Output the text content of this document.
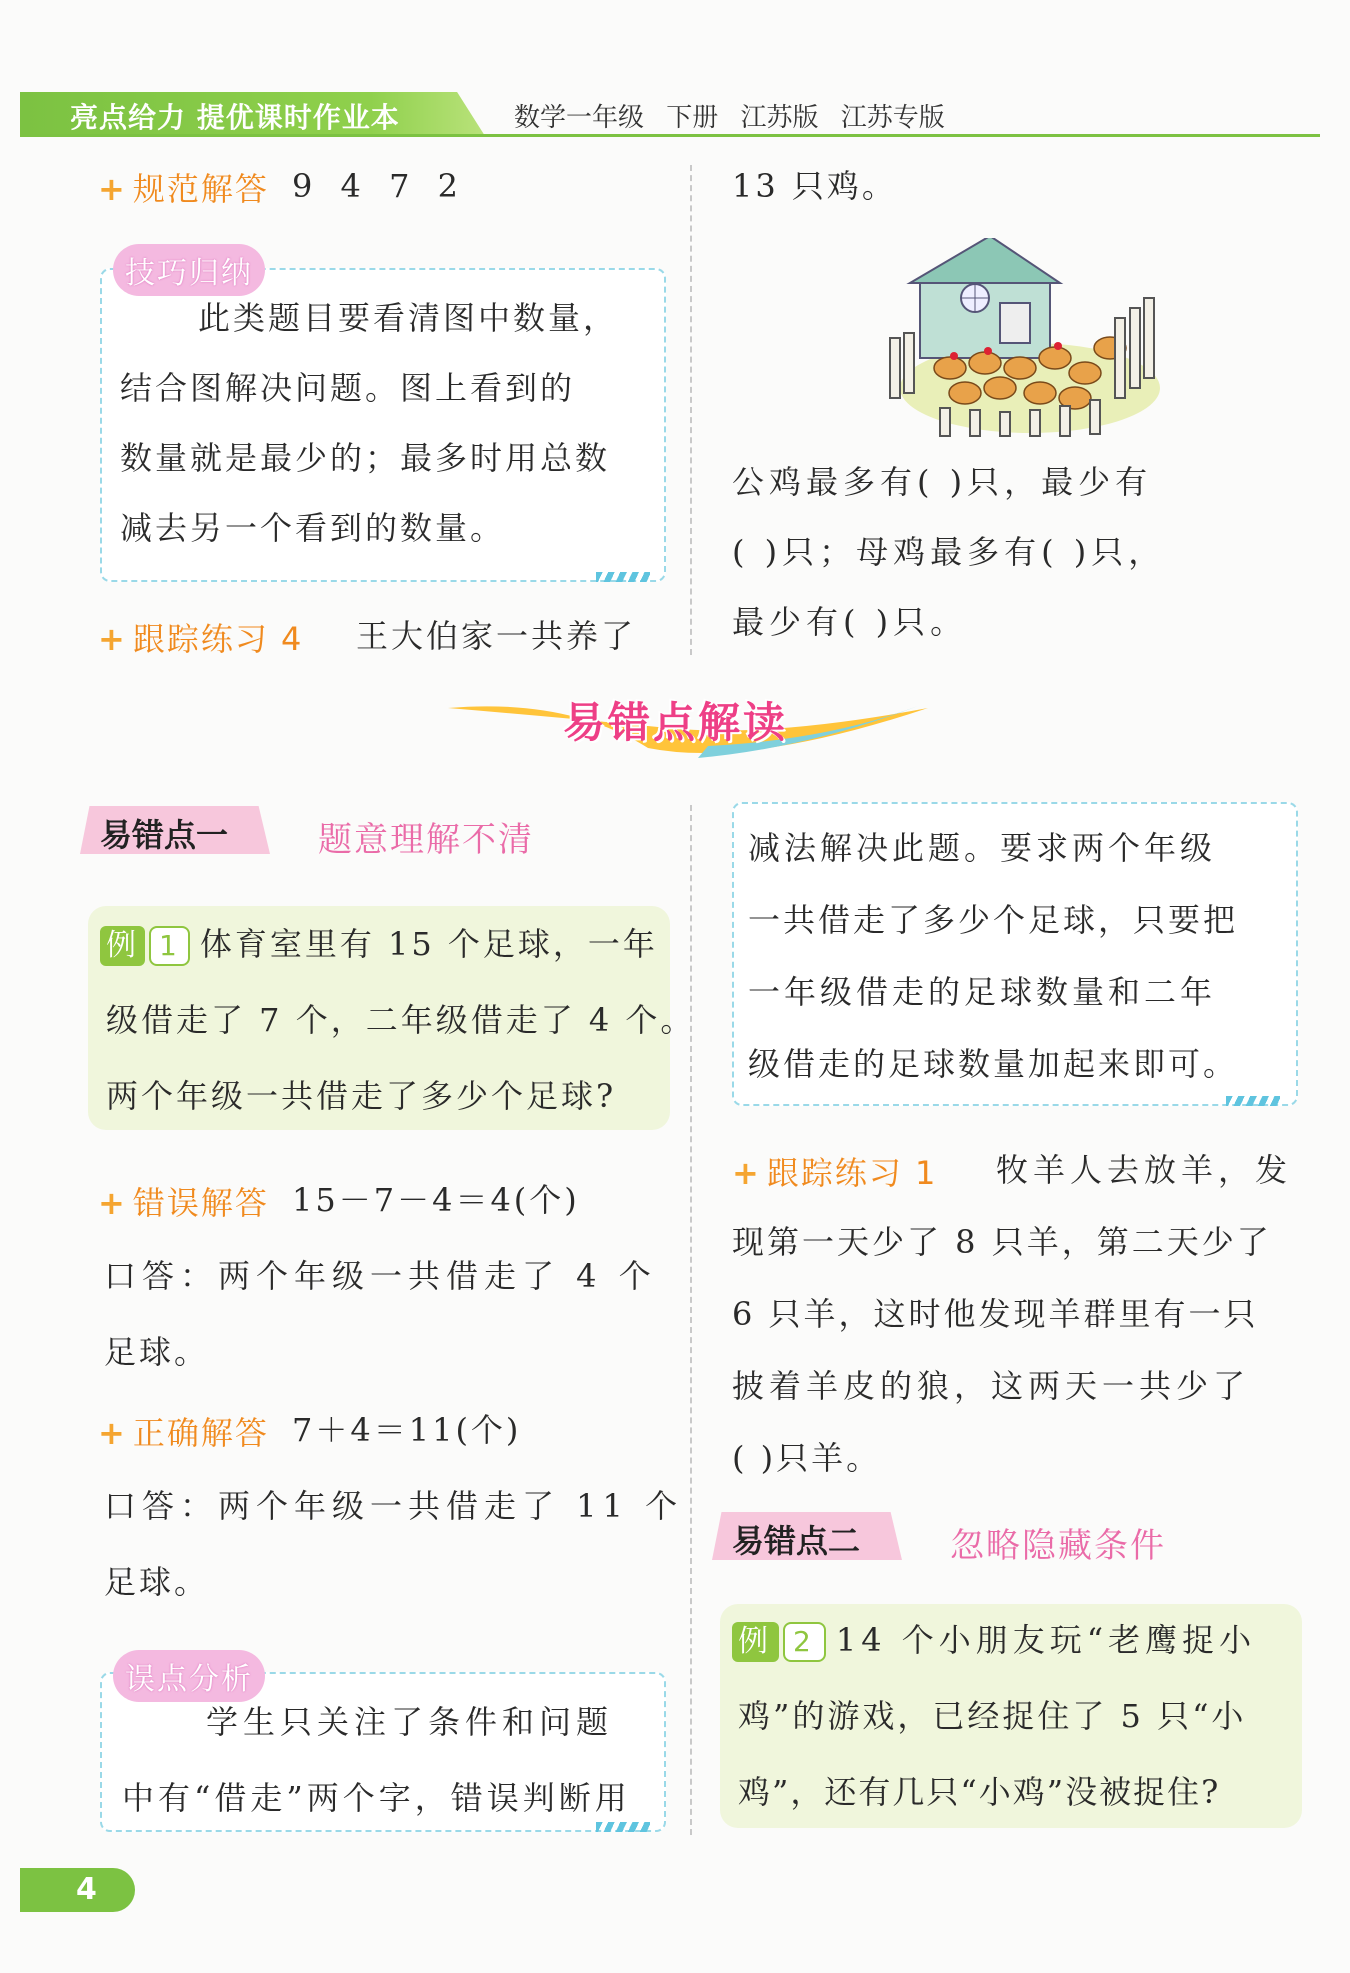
亮点给力 提优课时作业本	数学一年级 下册 江苏版 江苏专版
+ 规范解答 9 4 7 2
技巧归纳
此类题目要看清图中数量，
结合图解决问题。图上看到的
数量就是最少的；最多时用总数
减去另一个看到的数量。
+ 跟踪练习 4 王大伯家一共养了
13 只鸡。
公鸡最多有( )只，最少有
( )只；母鸡最多有( )只，
最少有( )只。
易错点解读
易错点一	题意理解不清
例 1 体育室里有 15 个足球，一年
级借走了 7 个，二年级借走了 4 个。
两个年级一共借走了多少个足球?
+ 错误解答 15－7－4＝4(个)
口答：两个年级一共借走了 4 个
足球。
+ 正确解答 7＋4＝11(个)
口答：两个年级一共借走了 11 个
足球。
误点分析
学生只关注了条件和问题
中有“借走”两个字，错误判断用
减法解决此题。要求两个年级
一共借走了多少个足球，只要把
一年级借走的足球数量和二年
级借走的足球数量加起来即可。
+ 跟踪练习 1 牧羊人去放羊，发
现第一天少了 8 只羊，第二天少了
6 只羊，这时他发现羊群里有一只
披着羊皮的狼，这两天一共少了
( )只羊。
易错点二	忽略隐藏条件
例 2 14 个小朋友玩“老鹰捉小
鸡”的游戏，已经捉住了 5 只“小
鸡”，还有几只“小鸡”没被捉住?
4
